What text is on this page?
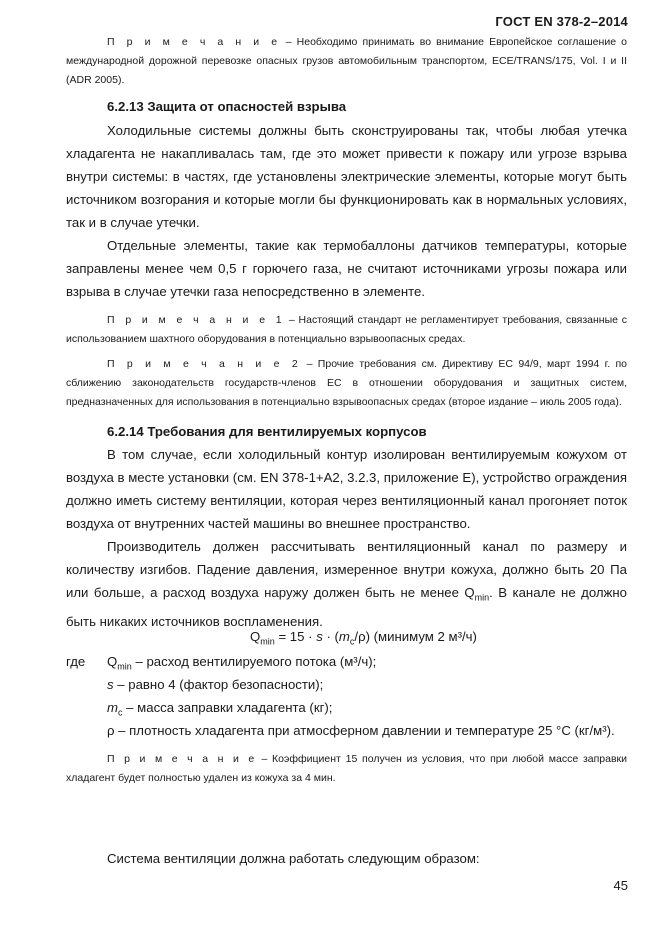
ГОСТ EN 378-2–2014

П р и м е ч а н и е – Необходимо принимать во внимание Европейское соглашение о международной дорожной перевозке опасных грузов автомобильным транспортом, ECE/TRANS/175, Vol. I и II (ADR 2005).

6.2.13 Защита от опасностей взрыва

Холодильные системы должны быть сконструированы так, чтобы любая утечка хладагента не накапливалась там, где это может привести к пожару или угрозе взрыва внутри системы: в частях, где установлены электрические элементы, которые могут быть источником возгорания и которые могли бы функционировать как в нормальных условиях, так и в случае утечки.

Отдельные элементы, такие как термобаллоны датчиков температуры, которые заправлены менее чем 0,5 г горючего газа, не считают источниками угрозы пожара или взрыва в случае утечки газа непосредственно в элементе.

П р и м е ч а н и е 1 – Настоящий стандарт не регламентирует требования, связанные с использованием шахтного оборудования в потенциально взрывоопасных средах.

П р и м е ч а н и е 2 – Прочие требования см. Директиву ЕС 94/9, март 1994 г. по сближению законодательств государств-членов ЕС в отношении оборудования и защитных систем, предназначенных для использования в потенциально взрывоопасных средах (второе издание – июль 2005 года).

6.2.14 Требования для вентилируемых корпусов

В том случае, если холодильный контур изолирован вентилируемым кожухом от воздуха в месте установки (см. EN 378-1+A2, 3.2.3, приложение E), устройство ограждения должно иметь систему вентиляции, которая через вентиляционный канал прогоняет поток воздуха от внутренних частей машины во внешнее пространство.

Производитель должен рассчитывать вентиляционный канал по размеру и количеству изгибов. Падение давления, измеренное внутри кожуха, должно быть 20 Па или больше, а расход воздуха наружу должен быть не менее $Q_{min}$. В канале не должно быть никаких источников воспламенения.

$Q_{min} = 15 \cdot s \cdot (m_c/\rho)$ (минимум 2 м³/ч)
где $Q_{min}$ – расход вентилируемого потока (м³/ч);
s – равно 4 (фактор безопасности);
$m_c$ – масса заправки хладагента (кг);
ρ – плотность хладагента при атмосферном давлении и температуре 25 °C (кг/м³).

П р и м е ч а н и е – Коэффициент 15 получен из условия, что при любой массе заправки хладагент будет полностью удален из кожуха за 4 мин.

Система вентиляции должна работать следующим образом:
45
